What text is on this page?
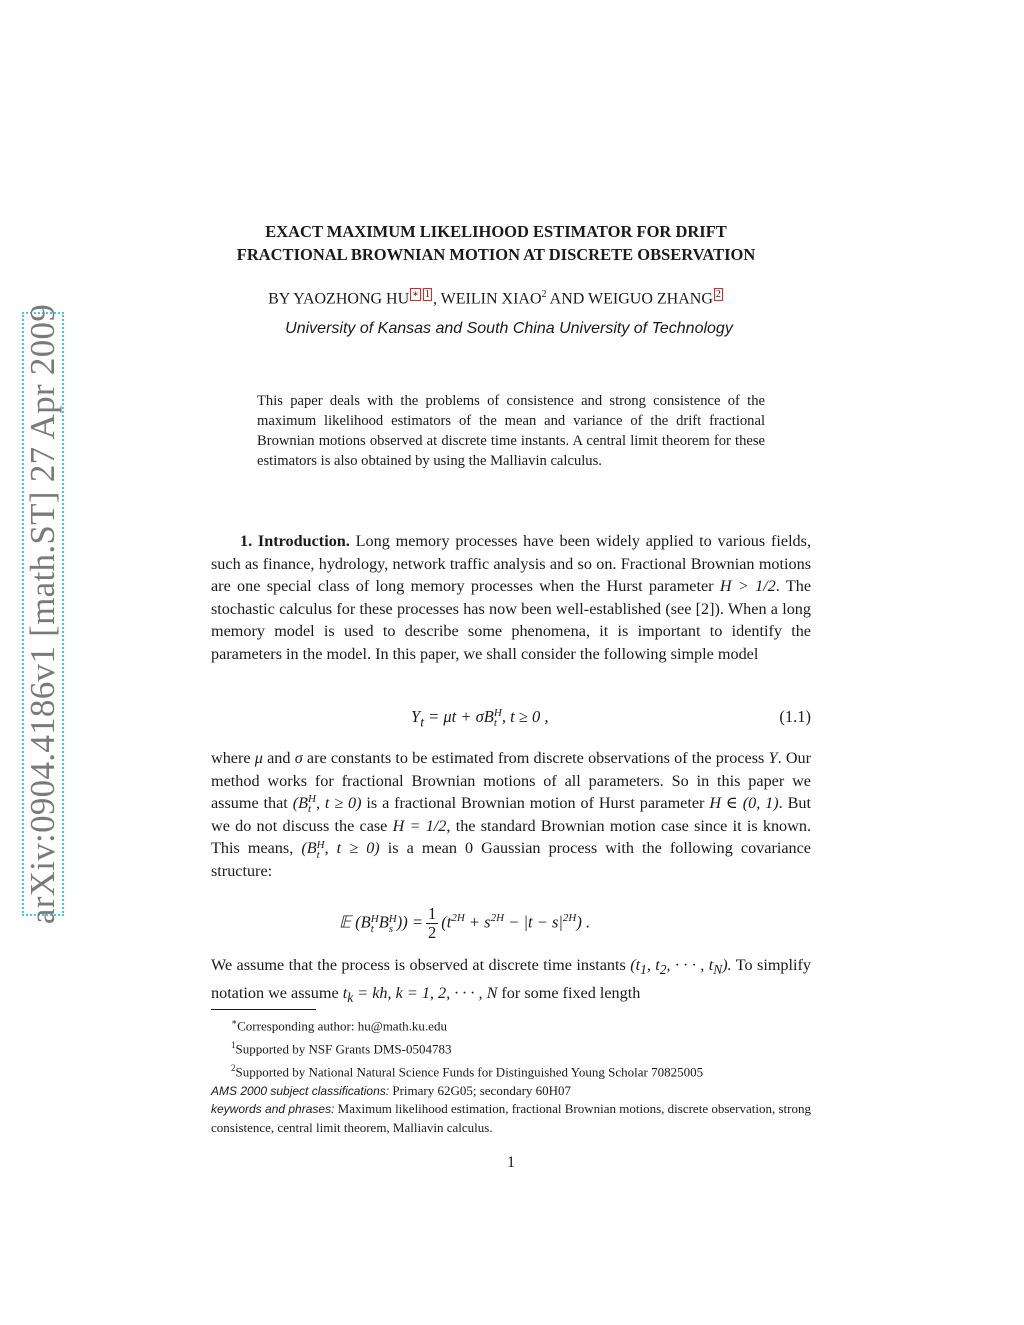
arXiv:0904.4186v1 [math.ST] 27 Apr 2009
EXACT MAXIMUM LIKELIHOOD ESTIMATOR FOR DRIFT
FRACTIONAL BROWNIAN MOTION AT DISCRETE OBSERVATION
BY YAOZHONG HU ∗ 1 , WEILIN XIAO$^2$ AND WEIGUO ZHANG 2
University of Kansas and South China University of Technology
This paper deals with the problems of consistence and strong consistence of the maximum likelihood estimators of the mean and variance of the drift fractional Brownian motions observed at discrete time instants. A central limit theorem for these estimators is also obtained by using the Malliavin calculus.

1. Introduction. Long memory processes have been widely applied to various fields, such as finance, hydrology, network traffic analysis and so on. Fractional Brownian motions are one special class of long memory processes when the Hurst parameter H > 1/2. The stochastic calculus for these processes has now been well-established (see [2]). When a long memory model is used to describe some phenomena, it is important to identify the parameters in the model. In this paper, we shall consider the following simple model

$Y_t = \mu t + \sigma B$ H
t , t ≥ 0 ,	(1.1)

where μ and σ are constants to be estimated from discrete observations of the process Y. Our method works for fractional Brownian motions of all parameters. So in this paper we assume that (B H
t , t ≥ 0) is a fractional Brownian motion of Hurst parameter H ∈ (0, 1). But we do not discuss the case H = 1/2, the standard Brownian motion case since it is known. This means, (B H
t , t ≥ 0) is a mean 0 Gaussian process with the following covariance structure:

𝔼 (B H
t B H
s )) = $\frac{1}{2} (t^{2H} + s^{2H} - |t - s|^{2H})$ .

We assume that the process is observed at discrete time instants ($t_1$, $t_2$, · · · , $t_N$). To simplify notation we assume $t_k$ = kh, k = 1, 2, · · · , N for some fixed length

∗Corresponding author: hu@math.ku.edu
$^1$Supported by NSF Grants DMS-0504783
$^2$Supported by National Natural Science Funds for Distinguished Young Scholar 70825005
AMS 2000 subject classifications: Primary 62G05; secondary 60H07
keywords and phrases: Maximum likelihood estimation, fractional Brownian motions, discrete observation, strong consistence, central limit theorem, Malliavin calculus.
1
